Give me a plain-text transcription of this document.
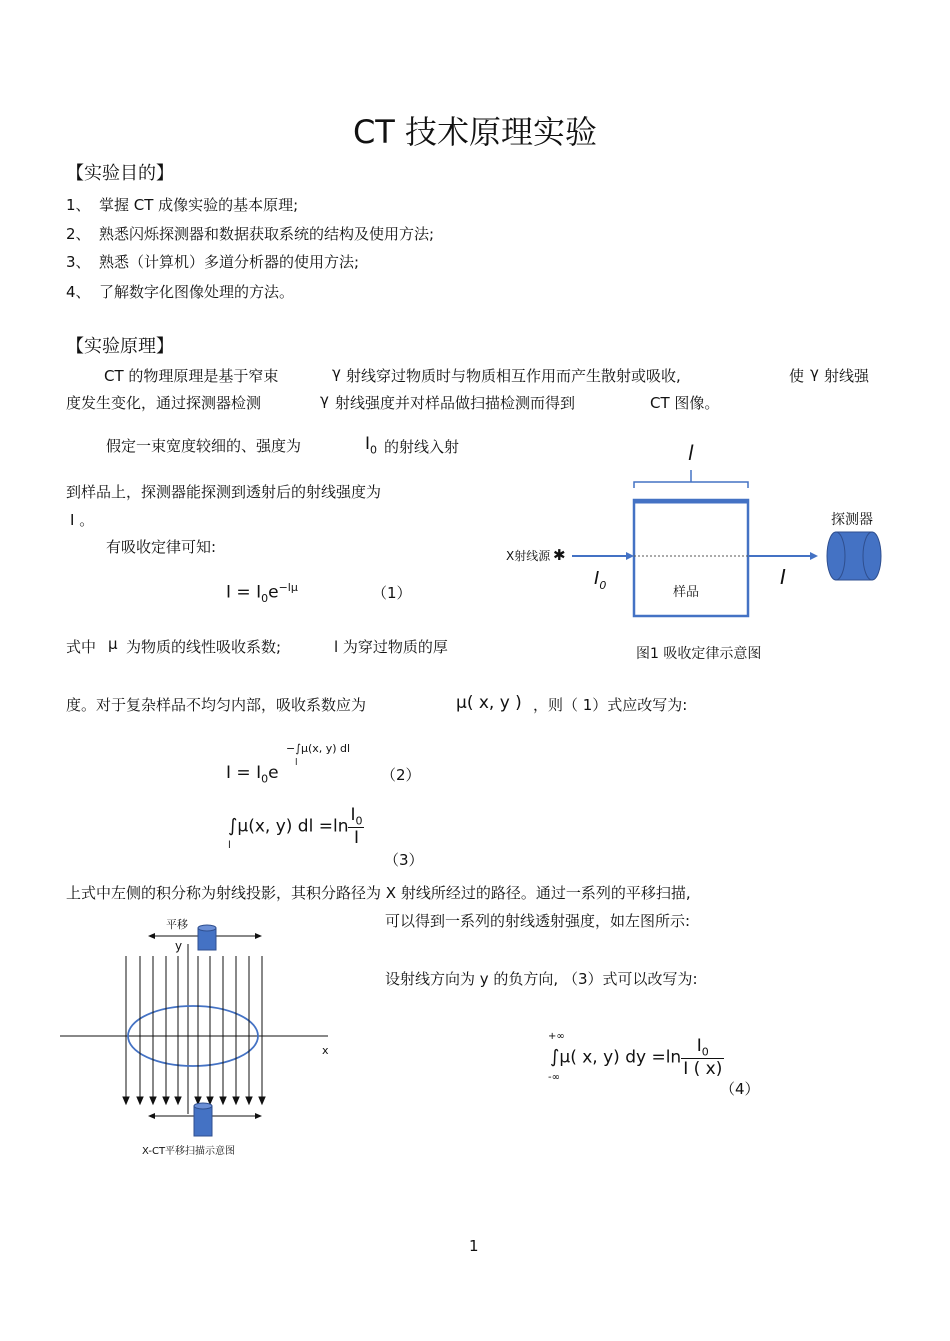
CT 技术原理实验
【实验目的】
1、 掌握 CT 成像实验的基本原理;
2、 熟悉闪烁探测器和数据获取系统的结构及使用方法;
3、 熟悉（计算机）多道分析器的使用方法;
4、 了解数字化图像处理的方法。
【实验原理】
CT 的物理原理是基于窄束	γ 射线穿过物质时与物质相互作用而产生散射或吸收,	使 γ 射线强
度发生变化，通过探测器检测	γ 射线强度并对样品做扫描检测而得到	CT 图像。
假定一束宽度较细的、强度为	$I_0$ 的射线入射
到样品上，探测器能探测到透射后的射线强度为
I 。
有吸收定律可知:
$I = I_0e^{-l\mu}$	（1）
式中 μ 为物质的线性吸收系数;	l 为穿过物质的厚
度。对于复杂样品不均匀内部，吸收系数应为	μ( x, y ) ，则（ 1）式应改写为:
−∫μ(x, y) dl
l
$I = I_0e$	（2）
∫μ(x, y) dl $=\ln \frac{I_0}{I}$
l
（3）
上式中左侧的积分称为射线投影，其积分路径为 X 射线所经过的路径。通过一系列的平移扫描,
可以得到一系列的射线透射强度，如左图所示:
设射线方向为 y 的负方向, （3）式可以改写为:
+∞
-∞
∫μ( x, y) dy $=\ln \frac{I_0}{I ( x)}$
（4）
l
X射线源 ✱
$I_0$	样品
I
探测器
图1 吸收定律示意图
平移
y
x
X-CT平移扫描示意图
1
